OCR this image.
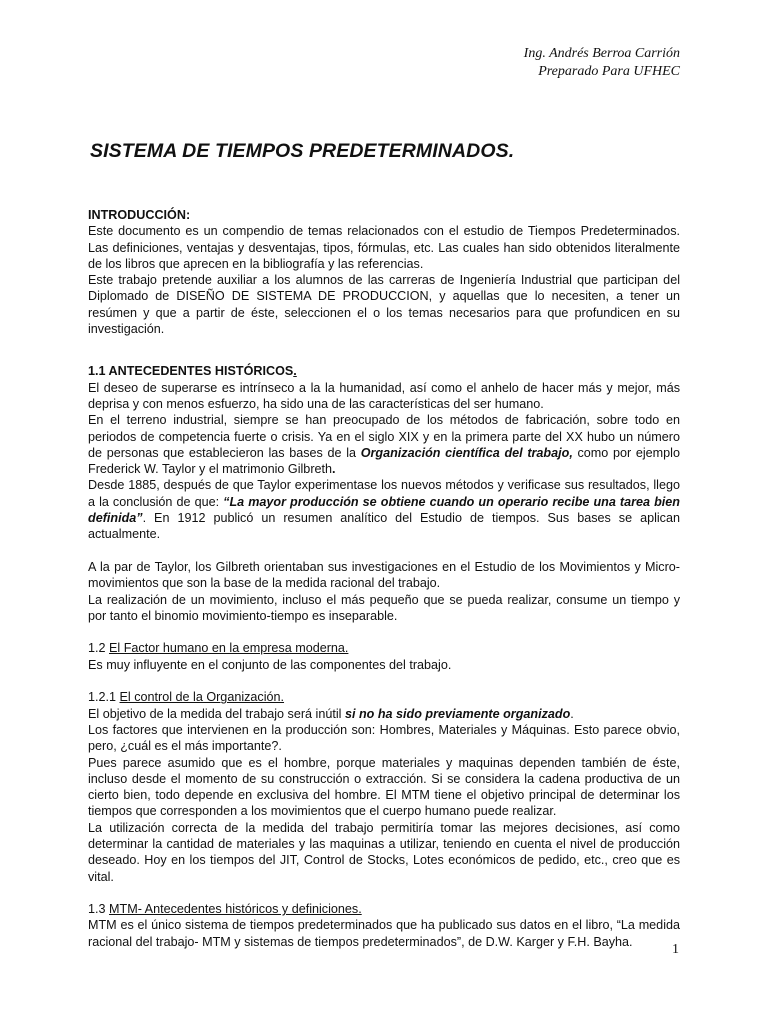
Ing. Andrés Berroa Carrión
Preparado Para UFHEC
SISTEMA DE TIEMPOS PREDETERMINADOS.
INTRODUCCIÓN:

Este documento es un compendio de temas relacionados con el estudio de Tiempos Predeterminados. Las definiciones, ventajas y desventajas, tipos, fórmulas, etc. Las cuales han sido obtenidos literalmente de los libros que aprecen en la bibliografía y las referencias.

Este trabajo pretende auxiliar a los alumnos de las carreras de Ingeniería Industrial que participan del Diplomado de DISEÑO DE SISTEMA DE PRODUCCION, y aquellas que lo necesiten, a tener un resúmen y que a partir de éste, seleccionen el o los temas necesarios para que profundicen en su investigación.

1.1 ANTECEDENTES HISTÓRICOS.

El deseo de superarse es intrínseco a la la humanidad, así como el anhelo de hacer más y mejor, más deprisa y con menos esfuerzo, ha sido una de las características del ser humano.

En el terreno industrial, siempre se han preocupado de los métodos de fabricación, sobre todo en periodos de competencia fuerte o crisis. Ya en el siglo XIX y en la primera parte del XX hubo un número de personas que establecieron las bases de la Organización científica del trabajo, como por ejemplo Frederick W. Taylor y el matrimonio Gilbreth.

Desde 1885, después de que Taylor experimentase los nuevos métodos y verificase sus resultados, llego a la conclusión de que: “La mayor producción se obtiene cuando un operario recibe una tarea bien definida”. En 1912 publicó un resumen analítico del Estudio de tiempos. Sus bases se aplican actualmente.

A la par de Taylor, los Gilbreth orientaban sus investigaciones en el Estudio de los Movimientos y Micro-movimientos que son la base de la medida racional del trabajo.

La realización de un movimiento, incluso el más pequeño que se pueda realizar, consume un tiempo y por tanto el binomio movimiento-tiempo es inseparable.

1.2 El Factor humano en la empresa moderna.

Es muy influyente en el conjunto de las componentes del trabajo.

1.2.1 El control de la Organización.

El objetivo de la medida del trabajo será inútil si no ha sido previamente organizado.

Los factores que intervienen en la producción son: Hombres, Materiales y Máquinas. Esto parece obvio, pero, ¿cuál es el más importante?.

Pues parece asumido que es el hombre, porque materiales y maquinas dependen también de éste, incluso desde el momento de su construcción o extracción. Si se considera la cadena productiva de un cierto bien, todo depende en exclusiva del hombre. El MTM tiene el objetivo principal de determinar los tiempos que corresponden a los movimientos que el cuerpo humano puede realizar.

La utilización correcta de la medida del trabajo permitiría tomar las mejores decisiones, así como determinar la cantidad de materiales y las maquinas a utilizar, teniendo en cuenta el nivel de producción deseado. Hoy en los tiempos del JIT, Control de Stocks, Lotes económicos de pedido, etc., creo que es vital.

1.3 MTM- Antecedentes históricos y definiciones.

MTM es el único sistema de tiempos predeterminados que ha publicado sus datos en el libro, “La medida racional del trabajo- MTM y sistemas de tiempos predeterminados”, de D.W. Karger y F.H. Bayha.

1
